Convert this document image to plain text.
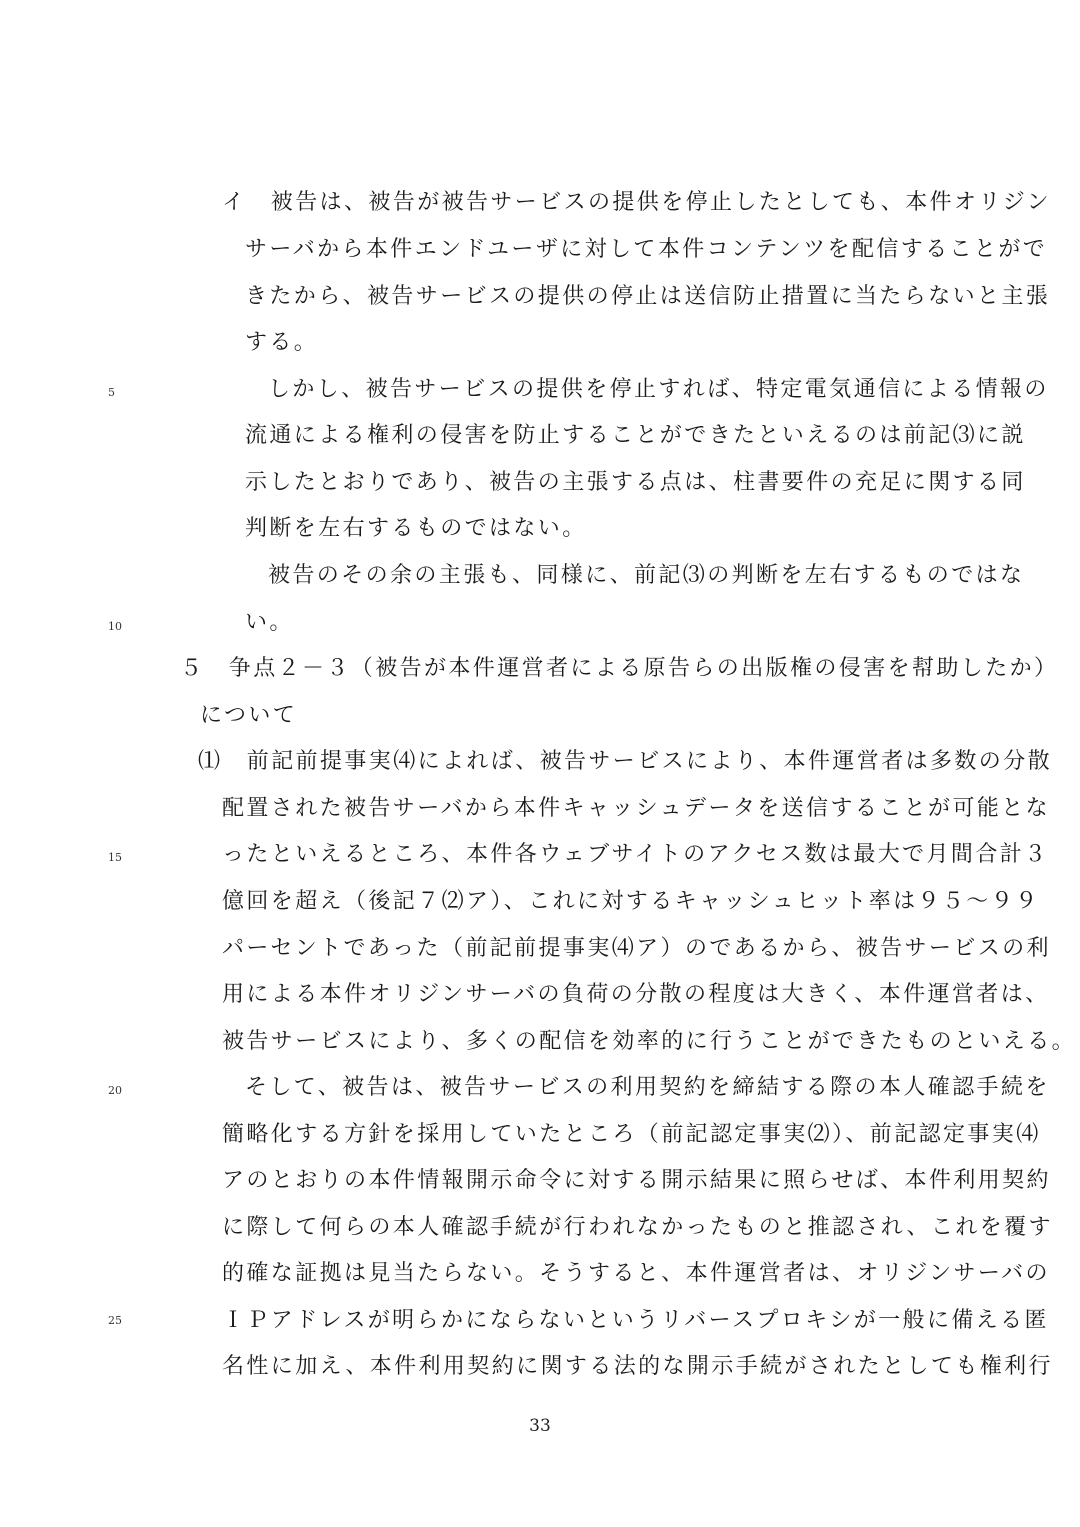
5
10
15
20
25
イ　被告は、被告が被告サービスの提供を停止したとしても、本件オリジン
サーバから本件エンドユーザに対して本件コンテンツを配信することがで
きたから、被告サービスの提供の停止は送信防止措置に当たらないと主張
する。
しかし、被告サービスの提供を停止すれば、特定電気通信による情報の
流通による権利の侵害を防止することができたといえるのは前記⑶に説
示したとおりであり、被告の主張する点は、柱書要件の充足に関する同
判断を左右するものではない。
被告のその余の主張も、同様に、前記⑶の判断を左右するものではな
い。
５　争点２－３（被告が本件運営者による原告らの出版権の侵害を幇助したか）
について
⑴　前記前提事実⑷によれば、被告サービスにより、本件運営者は多数の分散
配置された被告サーバから本件キャッシュデータを送信することが可能とな
ったといえるところ、本件各ウェブサイトのアクセス数は最大で月間合計３
億回を超え（後記７⑵ア）、これに対するキャッシュヒット率は９５～９９
パーセントであった（前記前提事実⑷ア）のであるから、被告サービスの利
用による本件オリジンサーバの負荷の分散の程度は大きく、本件運営者は、
被告サービスにより、多くの配信を効率的に行うことができたものといえる。
そして、被告は、被告サービスの利用契約を締結する際の本人確認手続を
簡略化する方針を採用していたところ（前記認定事実⑵）、前記認定事実⑷
アのとおりの本件情報開示命令に対する開示結果に照らせば、本件利用契約
に際して何らの本人確認手続が行われなかったものと推認され、これを覆す
的確な証拠は見当たらない。そうすると、本件運営者は、オリジンサーバの
ＩＰアドレスが明らかにならないというリバースプロキシが一般に備える匿
名性に加え、本件利用契約に関する法的な開示手続がされたとしても権利行
33
